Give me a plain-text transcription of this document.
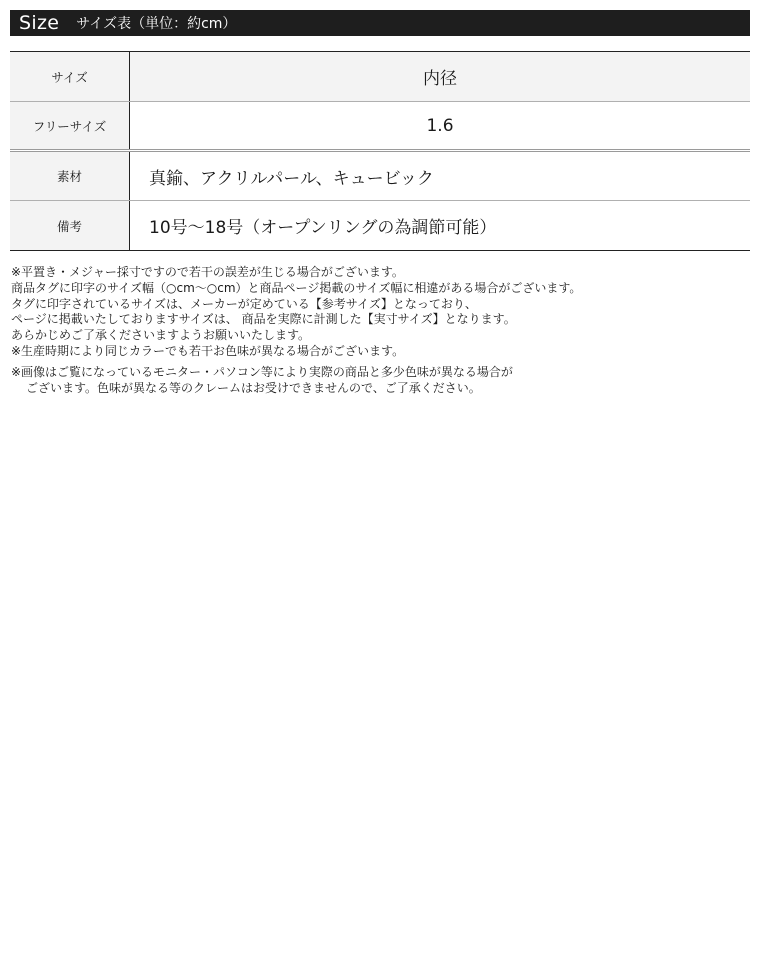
Size サイズ表（単位：約cm）
サイズ	内径
フリーサイズ	1.6
素材	真鍮、アクリルパール、キュービック
備考	10号〜18号（オープンリングの為調節可能）
※平置き・メジャー採寸ですので若干の誤差が生じる場合がございます。
商品タグに印字のサイズ幅（○cm〜○cm）と商品ページ掲載のサイズ幅に相違がある場合がございます。
タグに印字されているサイズは、メーカーが定めている【参考サイズ】となっており、
ページに掲載いたしておりますサイズは、 商品を実際に計測した【実寸サイズ】となります。
あらかじめご了承くださいますようお願いいたします。
※生産時期により同じカラーでも若干お色味が異なる場合がございます。
※画像はご覧になっているモニター・パソコン等により実際の商品と多少色味が異なる場合が
ございます。色味が異なる等のクレームはお受けできませんので、ご了承ください。
